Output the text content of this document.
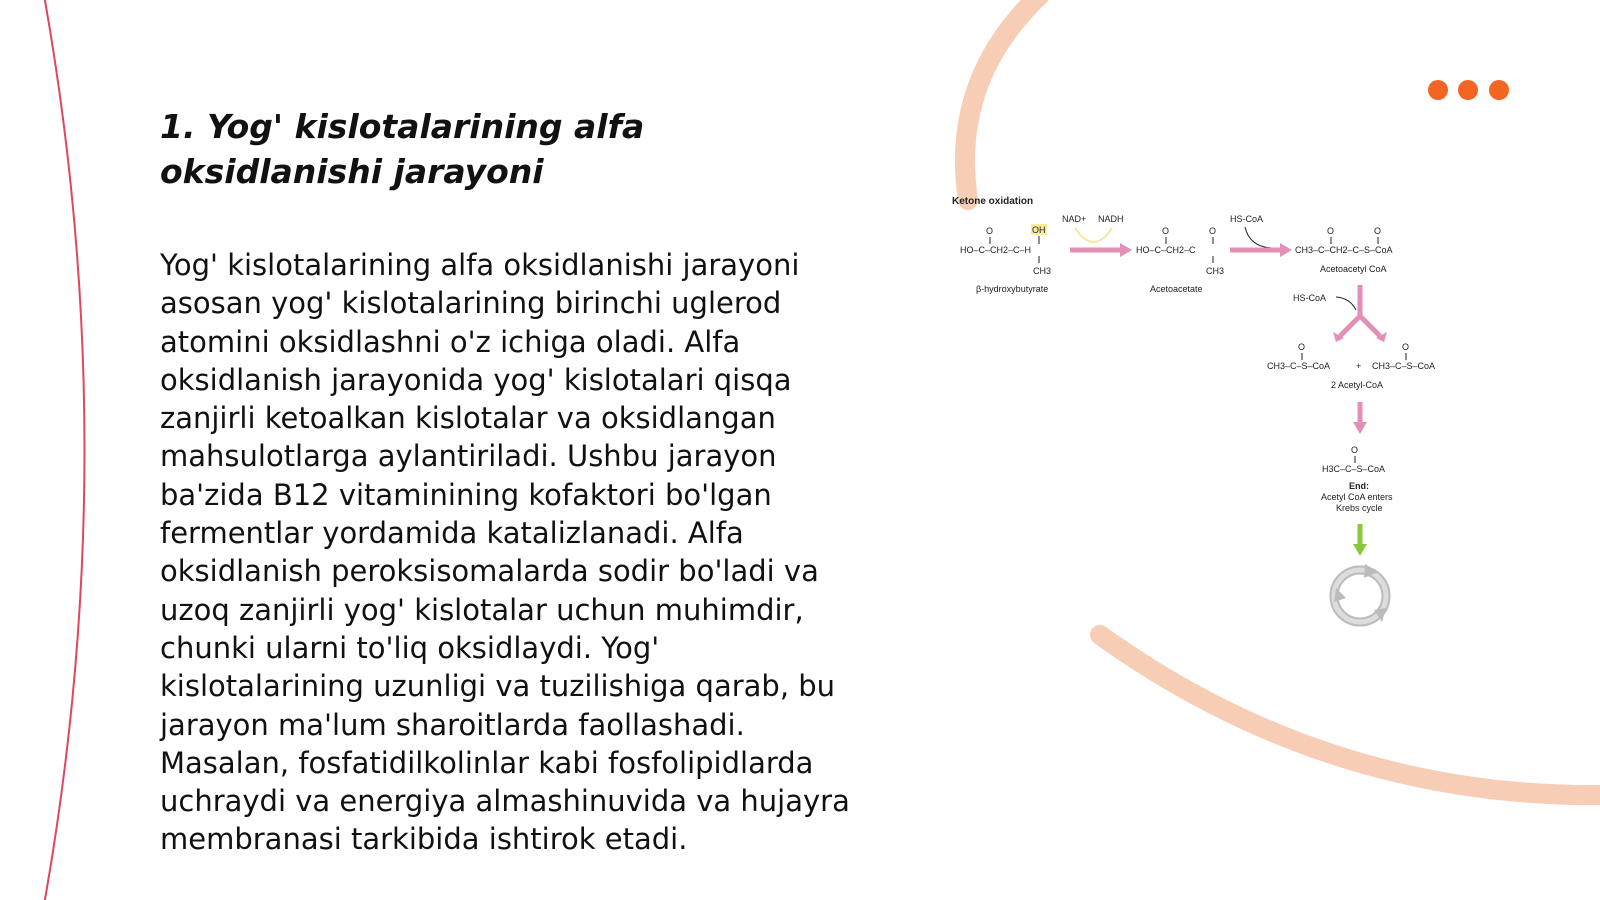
1. Yog' kislotalarining alfa oksidlanishi jarayoni

Yog' kislotalarining alfa oksidlanishi jarayoni asosan yog' kislotalarining birinchi uglerod atomini oksidlashni o'z ichiga oladi. Alfa oksidlanish jarayonida yog' kislotalari qisqa zanjirli ketoalkan kislotalar va oksidlangan mahsulotlarga aylantiriladi. Ushbu jarayon ba'zida B12 vitaminining kofaktori bo'lgan fermentlar yordamida katalizlanadi. Alfa oksidlanish peroksisomalarda sodir bo'ladi va uzoq zanjirli yog' kislotalar uchun muhimdir, chunki ularni to'liq oksidlaydi. Yog' kislotalarining uzunligi va tuzilishiga qarab, bu jarayon ma'lum sharoitlarda faollashadi. Masalan, fosfatidilkolinlar kabi fosfolipidlarda uchraydi va energiya almashinuvida va hujayra membranasi tarkibida ishtirok etadi.

Ketone oxidation
O	OH
HO–C–CH2–C–H
CH3
β-hydroxybutyrate
NAD+ NADH
O	O
HO–C–CH2–C
CH3
Acetoacetate
HS-CoA
O	O
CH3–C–CH2–C–S–CoA
Acetoacetyl CoA
HS-CoA
O
CH3–C–S–CoA	+
O
CH3–C–S–CoA
2 Acetyl-CoA
O
H3C–C–S–CoA
End:
Acetyl CoA enters
Krebs cycle
